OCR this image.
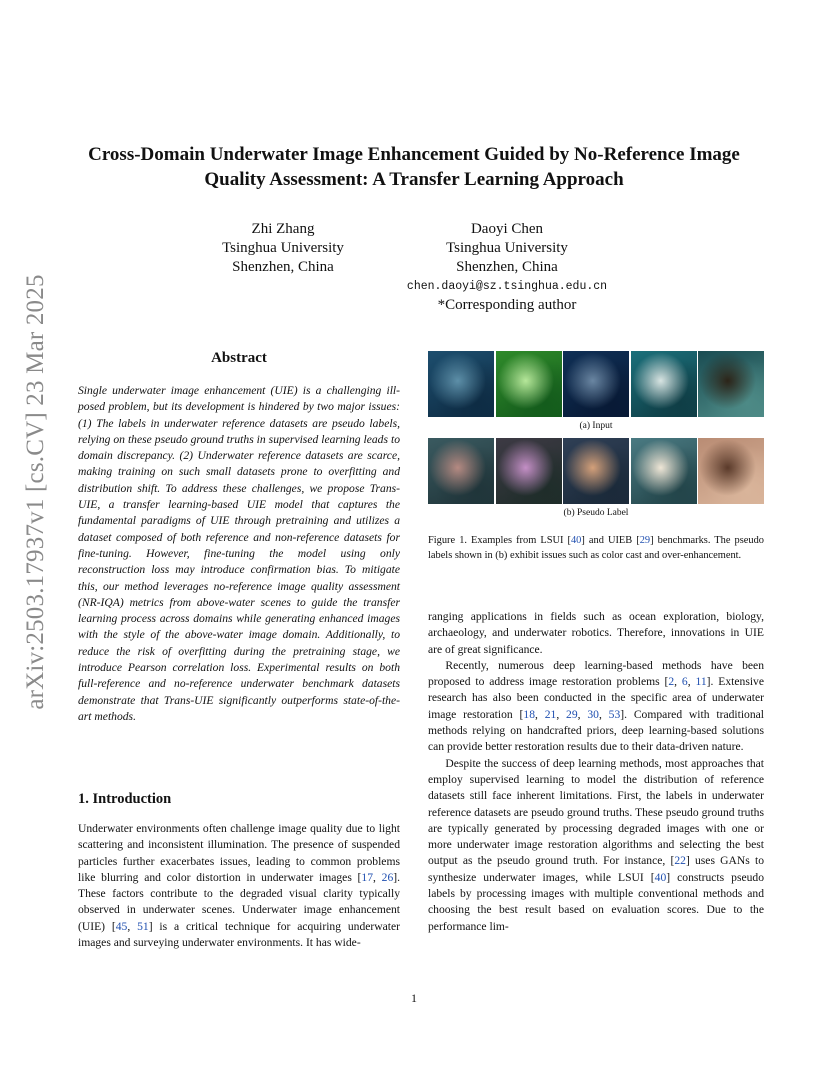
arXiv:2503.17937v1 [cs.CV] 23 Mar 2025
Cross-Domain Underwater Image Enhancement Guided by No-Reference Image
Quality Assessment: A Transfer Learning Approach
Zhi Zhang
Tsinghua University
Shenzhen, China
Daoyi Chen
Tsinghua University
Shenzhen, China
chen.daoyi@sz.tsinghua.edu.cn
*Corresponding author
Abstract
Single underwater image enhancement (UIE) is a challenging ill-posed problem, but its development is hindered by two major issues: (1) The labels in underwater reference datasets are pseudo labels, relying on these pseudo ground truths in supervised learning leads to domain discrepancy. (2) Underwater reference datasets are scarce, making training on such small datasets prone to overfitting and distribution shift. To address these challenges, we propose Trans-UIE, a transfer learning-based UIE model that captures the fundamental paradigms of UIE through pretraining and utilizes a dataset composed of both reference and non-reference datasets for fine-tuning. However, fine-tuning the model using only reconstruction loss may introduce confirmation bias. To mitigate this, our method leverages no-reference image quality assessment (NR-IQA) metrics from above-water scenes to guide the transfer learning process across domains while generating enhanced images with the style of the above-water image domain. Additionally, to reduce the risk of overfitting during the pretraining stage, we introduce Pearson correlation loss. Experimental results on both full-reference and no-reference underwater benchmark datasets demonstrate that Trans-UIE significantly outperforms state-of-the-art methods.
1. Introduction

Underwater environments often challenge image quality due to light scattering and inconsistent illumination. The presence of suspended particles further exacerbates issues, leading to common problems like blurring and color distortion in underwater images [17, 26]. These factors contribute to the degraded visual clarity typically observed in underwater scenes. Underwater image enhancement (UIE) [45, 51] is a critical technique for acquiring underwater images and surveying underwater environments. It has wide-

(a) Input
(b) Pseudo Label
Figure 1. Examples from LSUI [40] and UIEB [29] benchmarks. The pseudo labels shown in (b) exhibit issues such as color cast and over-enhancement.

ranging applications in fields such as ocean exploration, biology, archaeology, and underwater robotics. Therefore, innovations in UIE are of great significance.

Recently, numerous deep learning-based methods have been proposed to address image restoration problems [2, 6, 11]. Extensive research has also been conducted in the specific area of underwater image restoration [18, 21, 29, 30, 53]. Compared with traditional methods relying on handcrafted priors, deep learning-based solutions can provide better restoration results due to their data-driven nature.

Despite the success of deep learning methods, most approaches that employ supervised learning to model the distribution of reference datasets still face inherent limitations. First, the labels in underwater reference datasets are pseudo ground truths. These pseudo ground truths are typically generated by processing degraded images with one or more underwater image restoration algorithms and selecting the best output as the pseudo ground truth. For instance, [22] uses GANs to synthesize underwater images, while LSUI [40] constructs pseudo labels by processing images with multiple conventional methods and choosing the best result based on evaluation scores. Due to the performance lim-

1
